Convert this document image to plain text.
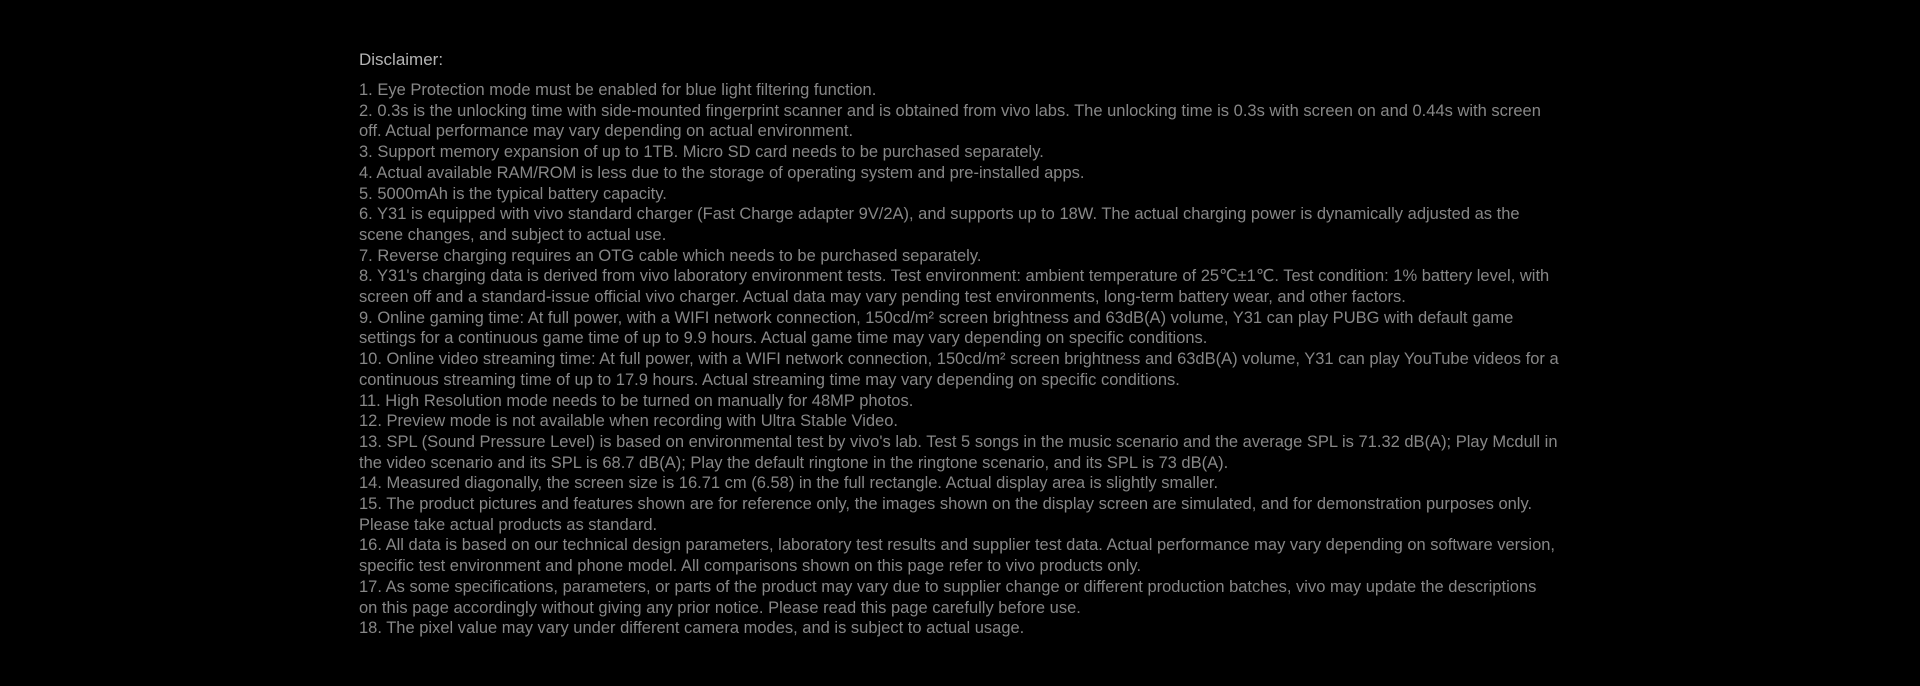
Disclaimer:
1. Eye Protection mode must be enabled for blue light filtering function.
2. 0.3s is the unlocking time with side-mounted fingerprint scanner and is obtained from vivo labs. The unlocking time is 0.3s with screen on and 0.44s with screen off. Actual performance may vary depending on actual environment.
3. Support memory expansion of up to 1TB. Micro SD card needs to be purchased separately.
4. Actual available RAM/ROM is less due to the storage of operating system and pre-installed apps.
5. 5000mAh is the typical battery capacity.
6. Y31 is equipped with vivo standard charger (Fast Charge adapter 9V/2A), and supports up to 18W. The actual charging power is dynamically adjusted as the scene changes, and subject to actual use.
7. Reverse charging requires an OTG cable which needs to be purchased separately.
8. Y31's charging data is derived from vivo laboratory environment tests. Test environment: ambient temperature of 25℃±1℃. Test condition: 1% battery level, with screen off and a standard-issue official vivo charger. Actual data may vary pending test environments, long-term battery wear, and other factors.
9. Online gaming time: At full power, with a WIFI network connection, 150cd/m² screen brightness and 63dB(A) volume, Y31 can play PUBG with default game settings for a continuous game time of up to 9.9 hours. Actual game time may vary depending on specific conditions.
10. Online video streaming time: At full power, with a WIFI network connection, 150cd/m² screen brightness and 63dB(A) volume, Y31 can play YouTube videos for a continuous streaming time of up to 17.9 hours. Actual streaming time may vary depending on specific conditions.
11. High Resolution mode needs to be turned on manually for 48MP photos.
12. Preview mode is not available when recording with Ultra Stable Video.
13. SPL (Sound Pressure Level) is based on environmental test by vivo's lab. Test 5 songs in the music scenario and the average SPL is 71.32 dB(A); Play Mcdull in the video scenario and its SPL is 68.7 dB(A); Play the default ringtone in the ringtone scenario, and its SPL is 73 dB(A).
14. Measured diagonally, the screen size is 16.71 cm (6.58) in the full rectangle. Actual display area is slightly smaller.
15. The product pictures and features shown are for reference only, the images shown on the display screen are simulated, and for demonstration purposes only. Please take actual products as standard.
16. All data is based on our technical design parameters, laboratory test results and supplier test data. Actual performance may vary depending on software version, specific test environment and phone model. All comparisons shown on this page refer to vivo products only.
17. As some specifications, parameters, or parts of the product may vary due to supplier change or different production batches, vivo may update the descriptions on this page accordingly without giving any prior notice. Please read this page carefully before use.
18. The pixel value may vary under different camera modes, and is subject to actual usage.
